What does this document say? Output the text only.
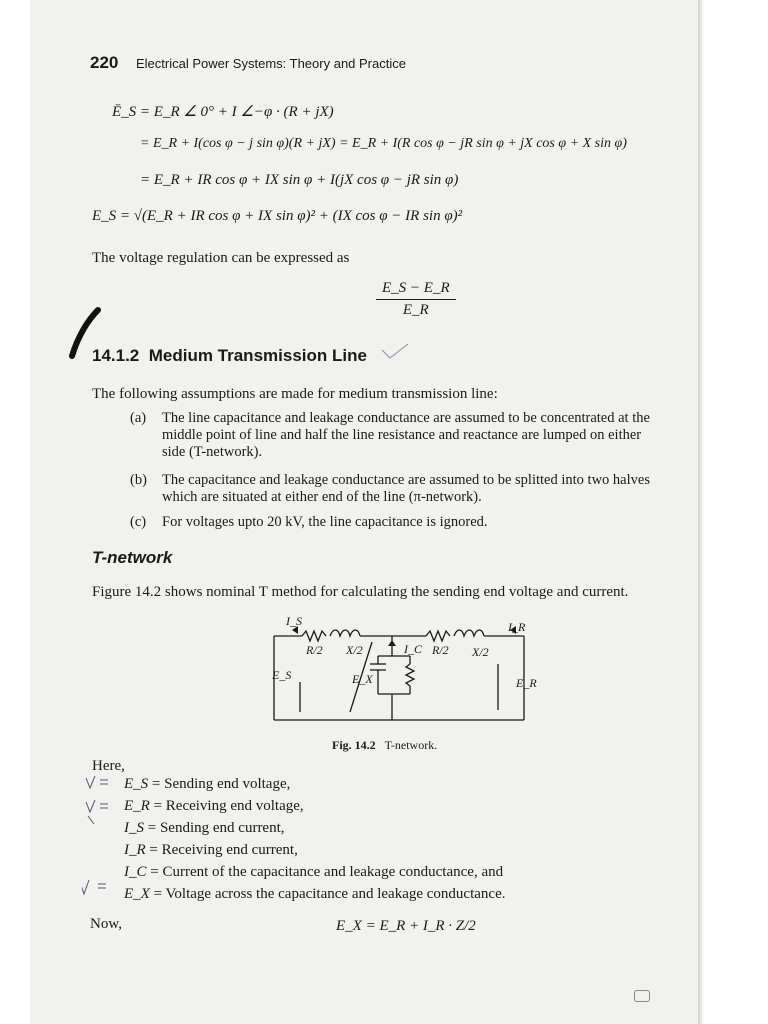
220 Electrical Power Systems: Theory and Practice
Ē_S = E_R ∠ 0° + I ∠−φ · (R + jX)
= E_R + I(cos φ − j sin φ)(R + jX) = E_R + I(R cos φ − jR sin φ + jX cos φ + X sin φ)
= E_R + IR cos φ + IX sin φ + I(jX cos φ − jR sin φ)
E_S = √(E_R + IR cos φ + IX sin φ)² + (IX cos φ − IR sin φ)²
The voltage regulation can be expressed as
$\frac{E\_S - E\_R}{E\_R}$
14.1.2 Medium Transmission Line
The following assumptions are made for medium transmission line:
(a) The line capacitance and leakage conductance are assumed to be concentrated at the
middle point of line and half the line resistance and reactance are lumped on either
side (T-network).
(b) The capacitance and leakage conductance are assumed to be splitted into two halves
which are situated at either end of the line (π-network).
(c) For voltages upto 20 kV, the line capacitance is ignored.
T-network
Figure 14.2 shows nominal T method for calculating the sending end voltage and current.
I_S	I_R
I_C
R/2 X/2	R/2 X/2
E_S	E_X	E_R
Fig. 14.2 T-network.
Here,
E_S = Sending end voltage,
E_R = Receiving end voltage,
I_S = Sending end current,
I_R = Receiving end current,
I_C = Current of the capacitance and leakage conductance, and
E_X = Voltage across the capacitance and leakage conductance.
Now,	E_X = E_R + I_R · Z/2
